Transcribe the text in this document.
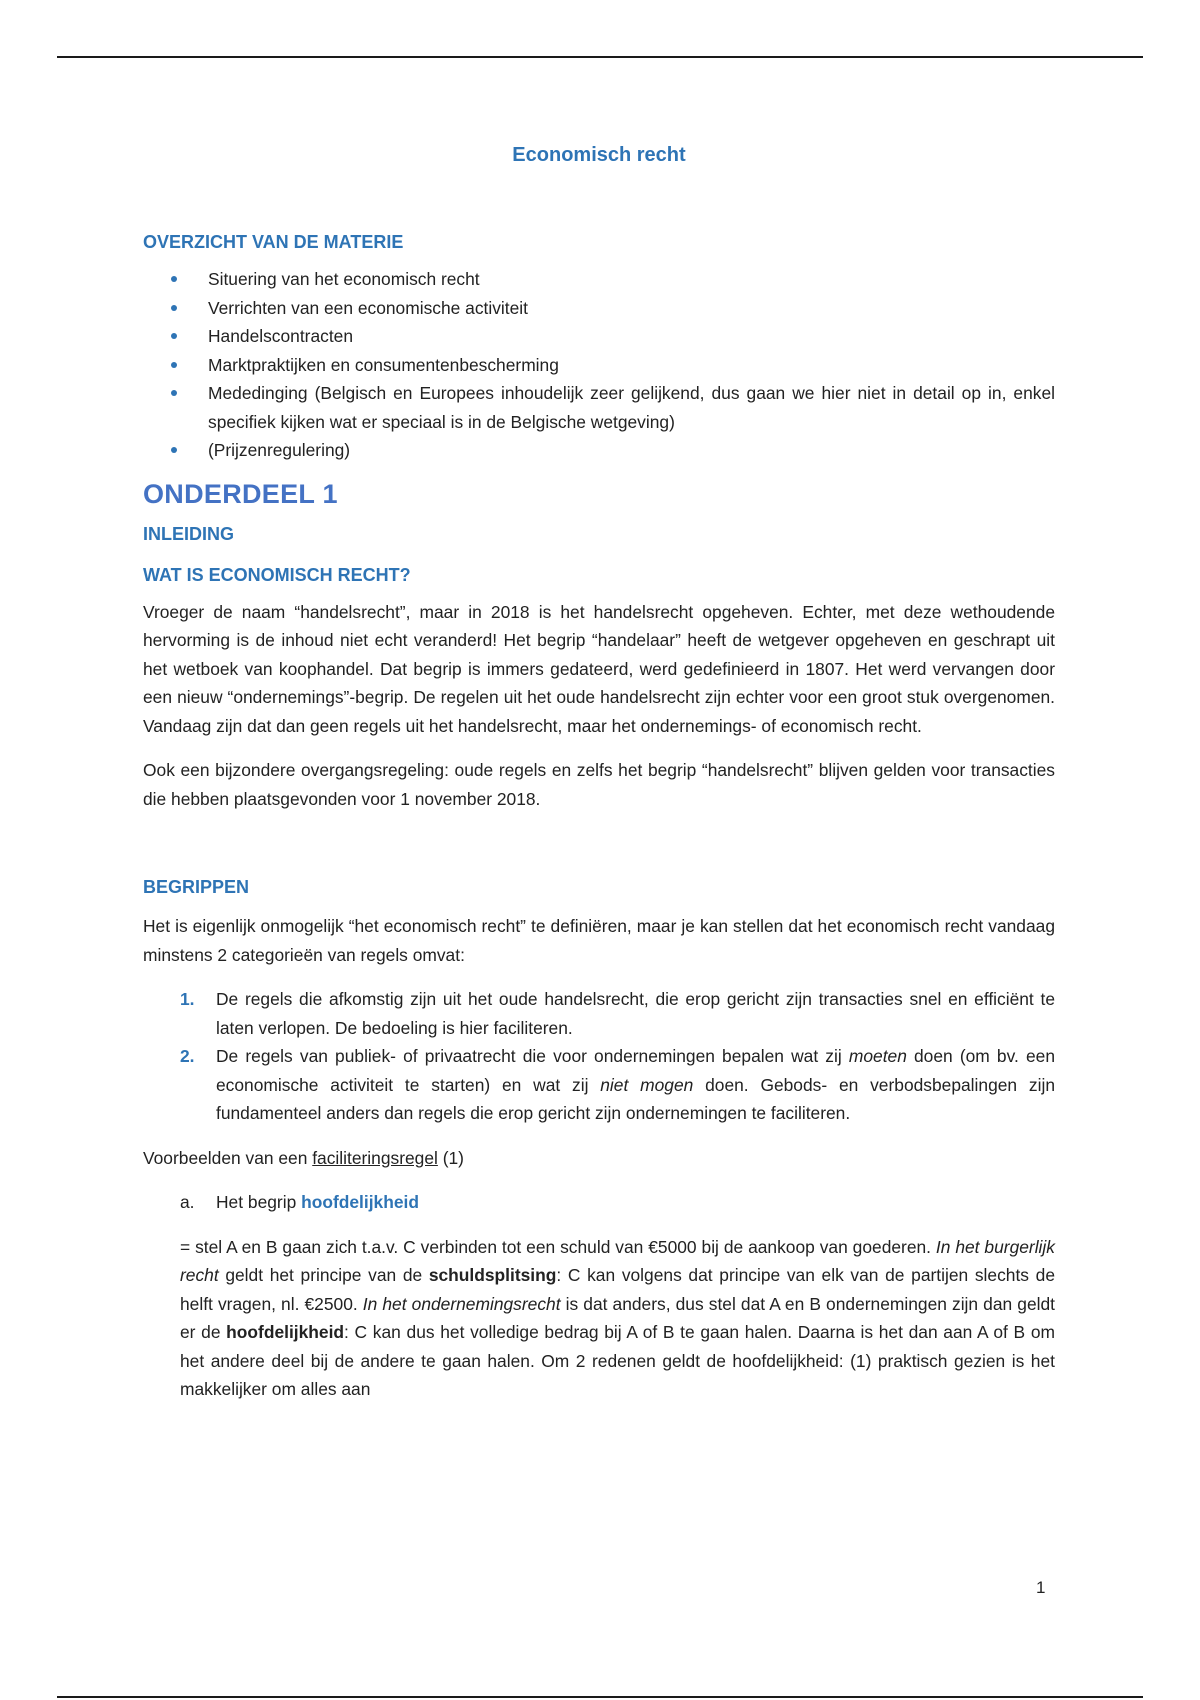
Economisch recht
OVERZICHT VAN DE MATERIE
Situering van het economisch recht
Verrichten van een economische activiteit
Handelscontracten
Marktpraktijken en consumentenbescherming
Mededinging (Belgisch en Europees inhoudelijk zeer gelijkend, dus gaan we hier niet in detail op in, enkel specifiek kijken wat er speciaal is in de Belgische wetgeving)
(Prijzenregulering)
ONDERDEEL 1
INLEIDING
WAT IS ECONOMISCH RECHT?

Vroeger de naam “handelsrecht”, maar in 2018 is het handelsrecht opgeheven. Echter, met deze wethoudende hervorming is de inhoud niet echt veranderd! Het begrip “handelaar” heeft de wetgever opgeheven en geschrapt uit het wetboek van koophandel. Dat begrip is immers gedateerd, werd gedefinieerd in 1807. Het werd vervangen door een nieuw “ondernemings”-begrip. De regelen uit het oude handelsrecht zijn echter voor een groot stuk overgenomen. Vandaag zijn dat dan geen regels uit het handelsrecht, maar het ondernemings- of economisch recht.

Ook een bijzondere overgangsregeling: oude regels en zelfs het begrip “handelsrecht” blijven gelden voor transacties die hebben plaatsgevonden voor 1 november 2018.

BEGRIPPEN

Het is eigenlijk onmogelijk “het economisch recht” te definiëren, maar je kan stellen dat het economisch recht vandaag minstens 2 categorieën van regels omvat:

1. De regels die afkomstig zijn uit het oude handelsrecht, die erop gericht zijn transacties snel en efficiënt te laten verlopen. De bedoeling is hier faciliteren.
2. De regels van publiek- of privaatrecht die voor ondernemingen bepalen wat zij moeten doen (om bv. een economische activiteit te starten) en wat zij niet mogen doen. Gebods- en verbodsbepalingen zijn fundamenteel anders dan regels die erop gericht zijn ondernemingen te faciliteren.

Voorbeelden van een faciliteringsregel (1)

a. Het begrip hoofdelijkheid

= stel A en B gaan zich t.a.v. C verbinden tot een schuld van €5000 bij de aankoop van goederen. In het burgerlijk recht geldt het principe van de schuldsplitsing: C kan volgens dat principe van elk van de partijen slechts de helft vragen, nl. €2500. In het ondernemingsrecht is dat anders, dus stel dat A en B ondernemingen zijn dan geldt er de hoofdelijkheid: C kan dus het volledige bedrag bij A of B te gaan halen. Daarna is het dan aan A of B om het andere deel bij de andere te gaan halen. Om 2 redenen geldt de hoofdelijkheid: (1) praktisch gezien is het makkelijker om alles aan

1
